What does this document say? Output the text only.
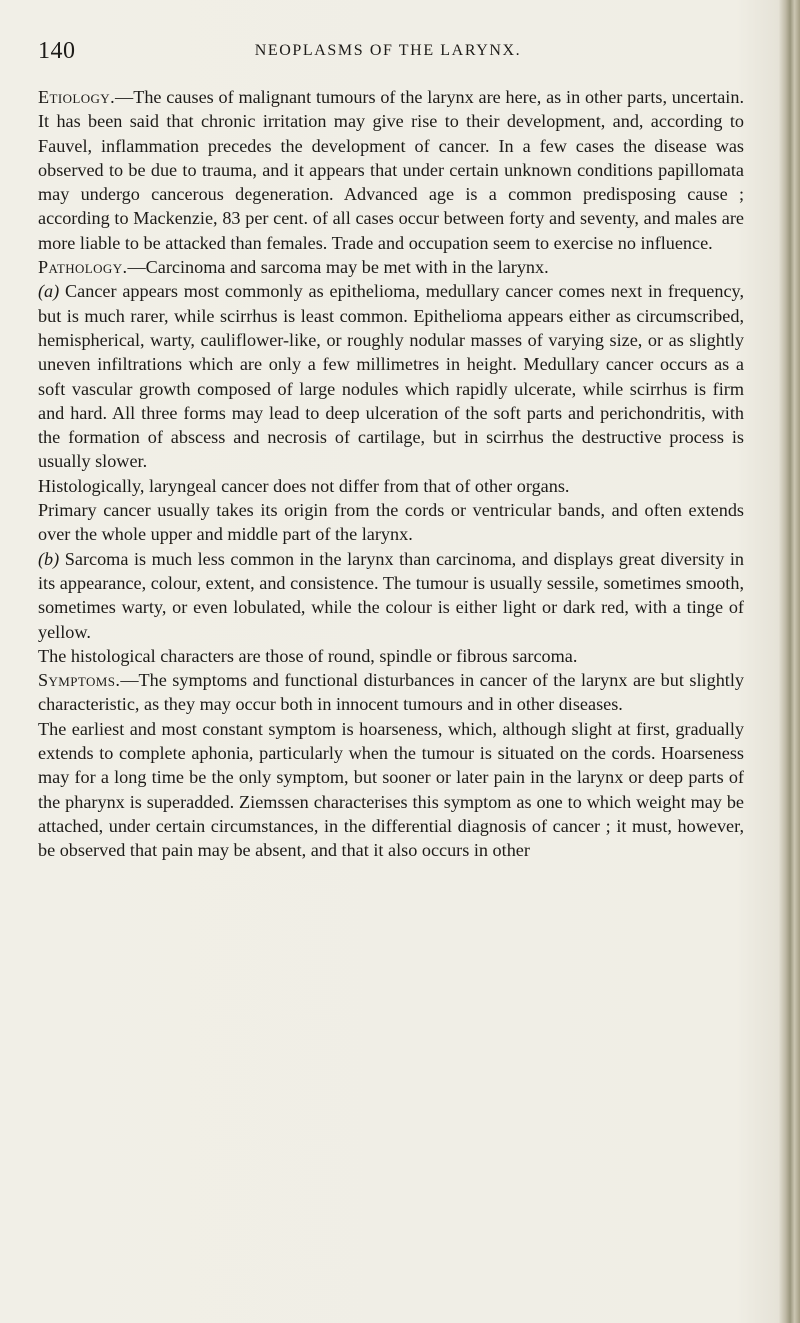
140	NEOPLASMS OF THE LARYNX.

Etiology.—The causes of malignant tumours of the larynx are here, as in other parts, uncertain. It has been said that chronic irritation may give rise to their development, and, according to Fauvel, inflammation precedes the development of cancer. In a few cases the disease was observed to be due to trauma, and it appears that under certain unknown conditions papillomata may undergo cancerous degeneration. Advanced age is a common predisposing cause ; according to Mackenzie, 83 per cent. of all cases occur between forty and seventy, and males are more liable to be attacked than females. Trade and occupation seem to exercise no influence.

Pathology.—Carcinoma and sarcoma may be met with in the larynx.

(a) Cancer appears most commonly as epithelioma, medullary cancer comes next in frequency, but is much rarer, while scirrhus is least common. Epithelioma appears either as circumscribed, hemispherical, warty, cauliflower-like, or roughly nodular masses of varying size, or as slightly uneven infiltrations which are only a few millimetres in height. Medullary cancer occurs as a soft vascular growth composed of large nodules which rapidly ulcerate, while scirrhus is firm and hard. All three forms may lead to deep ulceration of the soft parts and perichondritis, with the formation of abscess and necrosis of cartilage, but in scirrhus the destructive process is usually slower.

Histologically, laryngeal cancer does not differ from that of other organs.

Primary cancer usually takes its origin from the cords or ventricular bands, and often extends over the whole upper and middle part of the larynx.

(b) Sarcoma is much less common in the larynx than carcinoma, and displays great diversity in its appearance, colour, extent, and consistence. The tumour is usually sessile, sometimes smooth, sometimes warty, or even lobulated, while the colour is either light or dark red, with a tinge of yellow.

The histological characters are those of round, spindle or fibrous sarcoma.

Symptoms.—The symptoms and functional disturbances in cancer of the larynx are but slightly characteristic, as they may occur both in innocent tumours and in other diseases.

The earliest and most constant symptom is hoarseness, which, although slight at first, gradually extends to complete aphonia, particularly when the tumour is situated on the cords. Hoarseness may for a long time be the only symptom, but sooner or later pain in the larynx or deep parts of the pharynx is superadded. Ziemssen characterises this symptom as one to which weight may be attached, under certain circumstances, in the differential diagnosis of cancer ; it must, however, be observed that pain may be absent, and that it also occurs in other
